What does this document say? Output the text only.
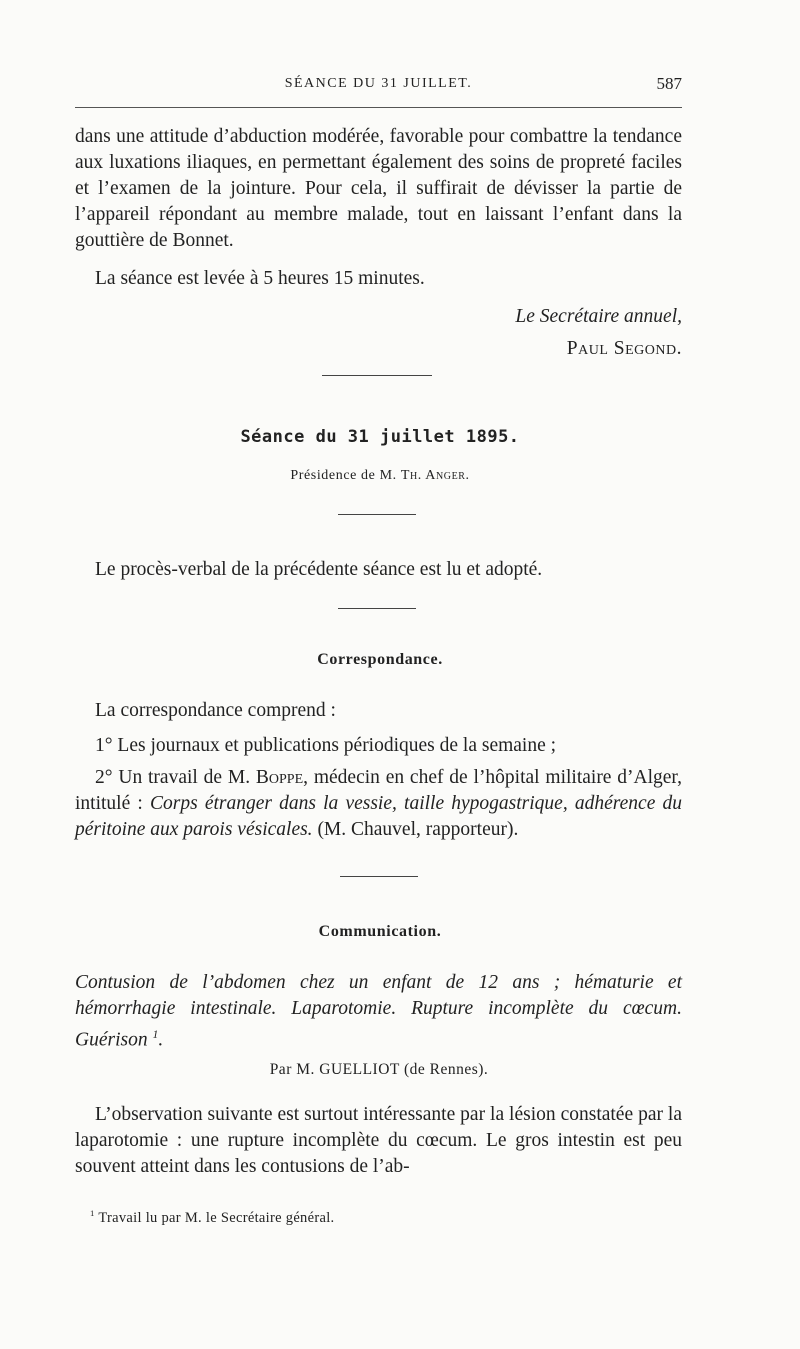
SÉANCE DU 31 JUILLET.	587

dans une attitude d’abduction modérée, favorable pour combattre la tendance aux luxations iliaques, en permettant également des soins de propreté faciles et l’examen de la jointure. Pour cela, il suffirait de dévisser la partie de l’appareil répondant au membre malade, tout en laissant l’enfant dans la gouttière de Bonnet.

La séance est levée à 5 heures 15 minutes.

Le Secrétaire annuel,
Paul Segond.
Séance du 31 juillet 1895.
Présidence de M. Th. Anger.

Le procès-verbal de la précédente séance est lu et adopté.

Correspondance.

La correspondance comprend :

1° Les journaux et publications périodiques de la semaine ;

2° Un travail de M. Boppe, médecin en chef de l’hôpital militaire d’Alger, intitulé : Corps étranger dans la vessie, taille hypogastrique, adhérence du péritoine aux parois vésicales. (M. Chauvel, rapporteur).

Communication.

Contusion de l’abdomen chez un enfant de 12 ans ; hématurie et hémorrhagie intestinale. Laparotomie. Rupture incomplète du cœcum. Guérison $^1$.

Par M. GUELLIOT (de Rennes).

L’observation suivante est surtout intéressante par la lésion constatée par la laparotomie : une rupture incomplète du cœcum. Le gros intestin est peu souvent atteint dans les contusions de l’ab-

$^1$ Travail lu par M. le Secrétaire général.
